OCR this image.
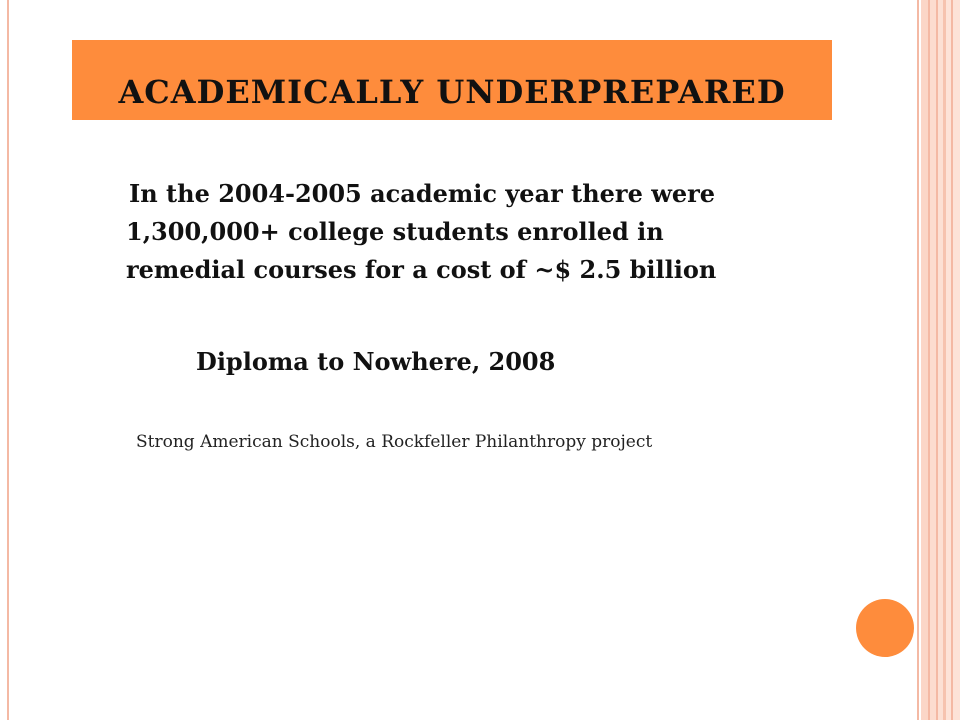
ACADEMICALLY UNDERPREPARED
In the 2004-2005 academic year there were
1,300,000+ college students enrolled in
remedial courses for a cost of ~$ 2.5 billion
Diploma to Nowhere, 2008
Strong American Schools, a Rockfeller Philanthropy project
